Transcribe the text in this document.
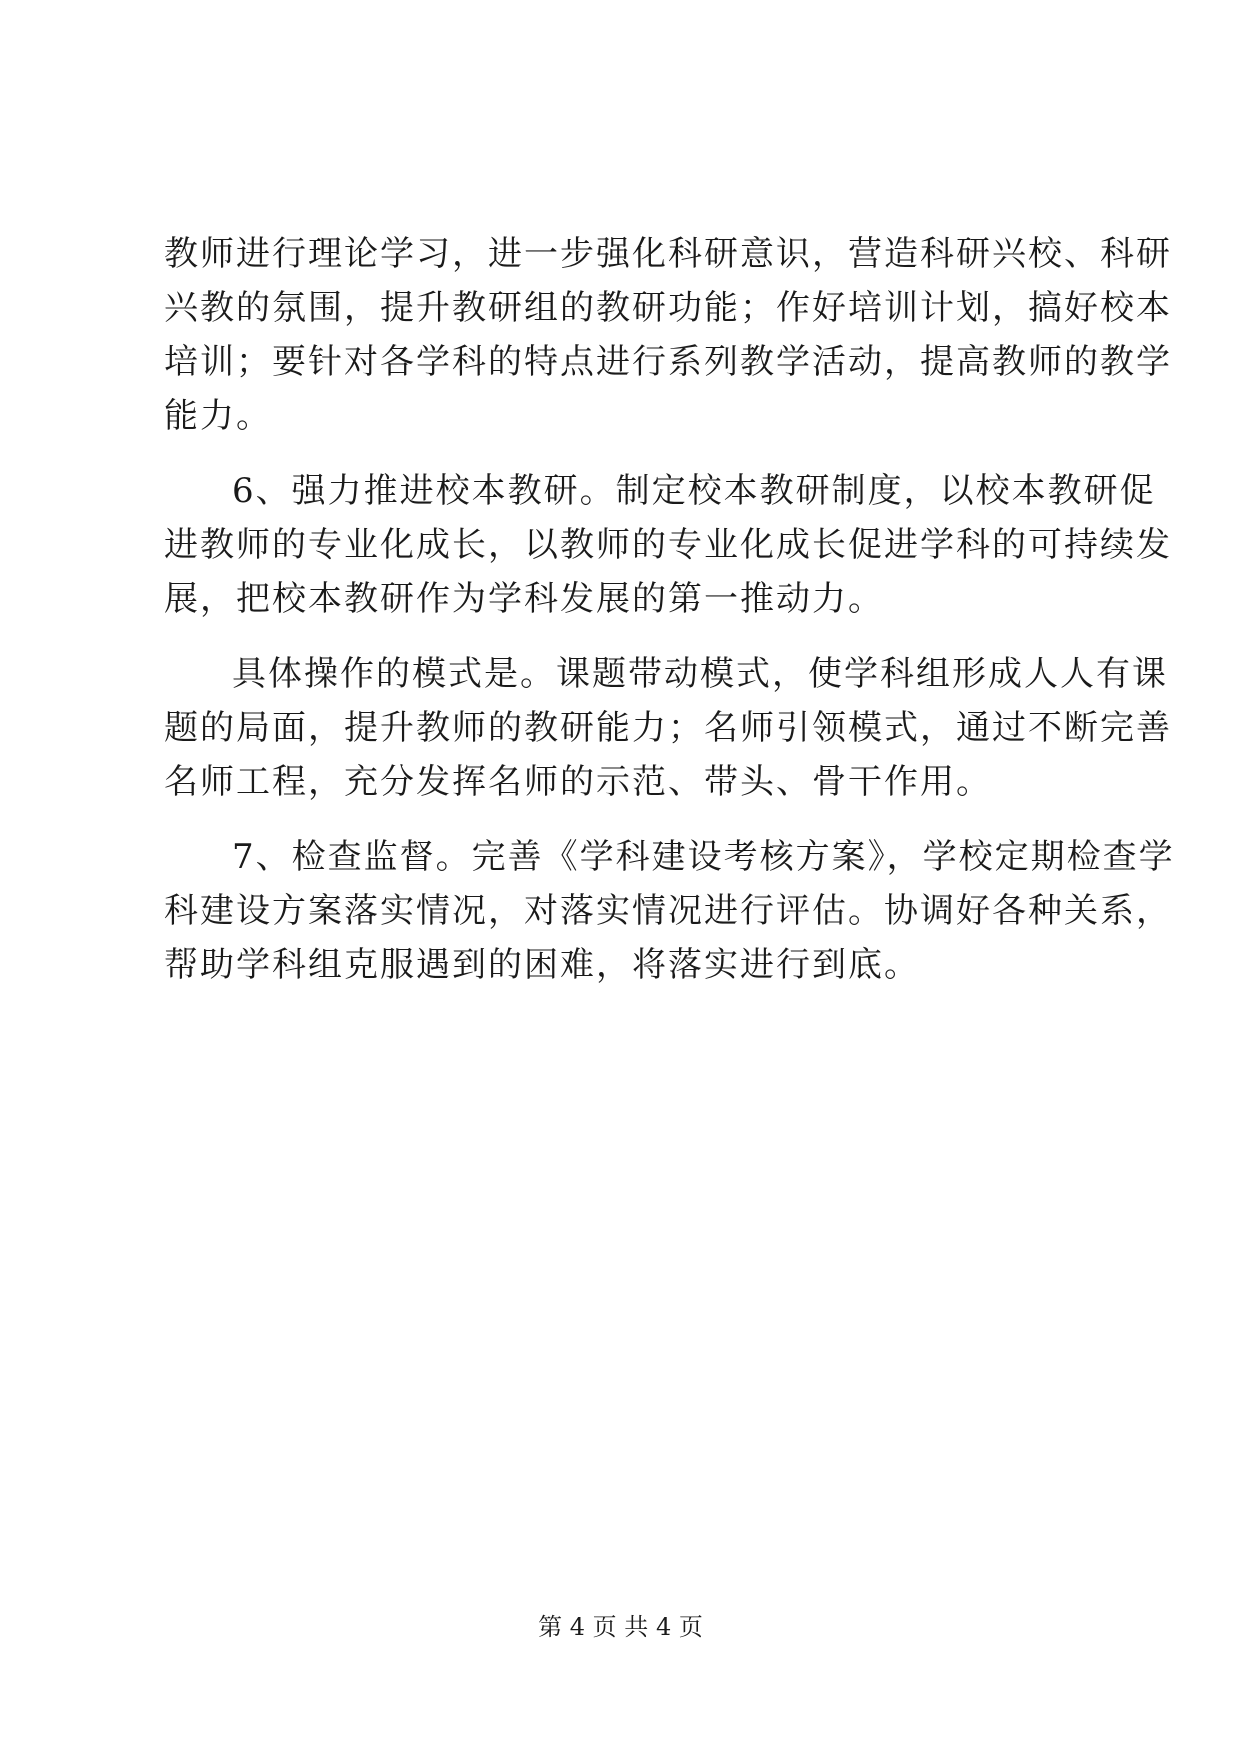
教师进行理论学习，进一步强化科研意识，营造科研兴校、科研
兴教的氛围，提升教研组的教研功能；作好培训计划，搞好校本
培训；要针对各学科的特点进行系列教学活动，提高教师的教学
能力。
6、强力推进校本教研。制定校本教研制度，以校本教研促
进教师的专业化成长，以教师的专业化成长促进学科的可持续发
展，把校本教研作为学科发展的第一推动力。
具体操作的模式是。课题带动模式，使学科组形成人人有课
题的局面，提升教师的教研能力；名师引领模式，通过不断完善
名师工程，充分发挥名师的示范、带头、骨干作用。
7、检查监督。完善《学科建设考核方案》，学校定期检查学
科建设方案落实情况，对落实情况进行评估。协调好各种关系，
帮助学科组克服遇到的困难，将落实进行到底。
第 4 页 共 4 页
